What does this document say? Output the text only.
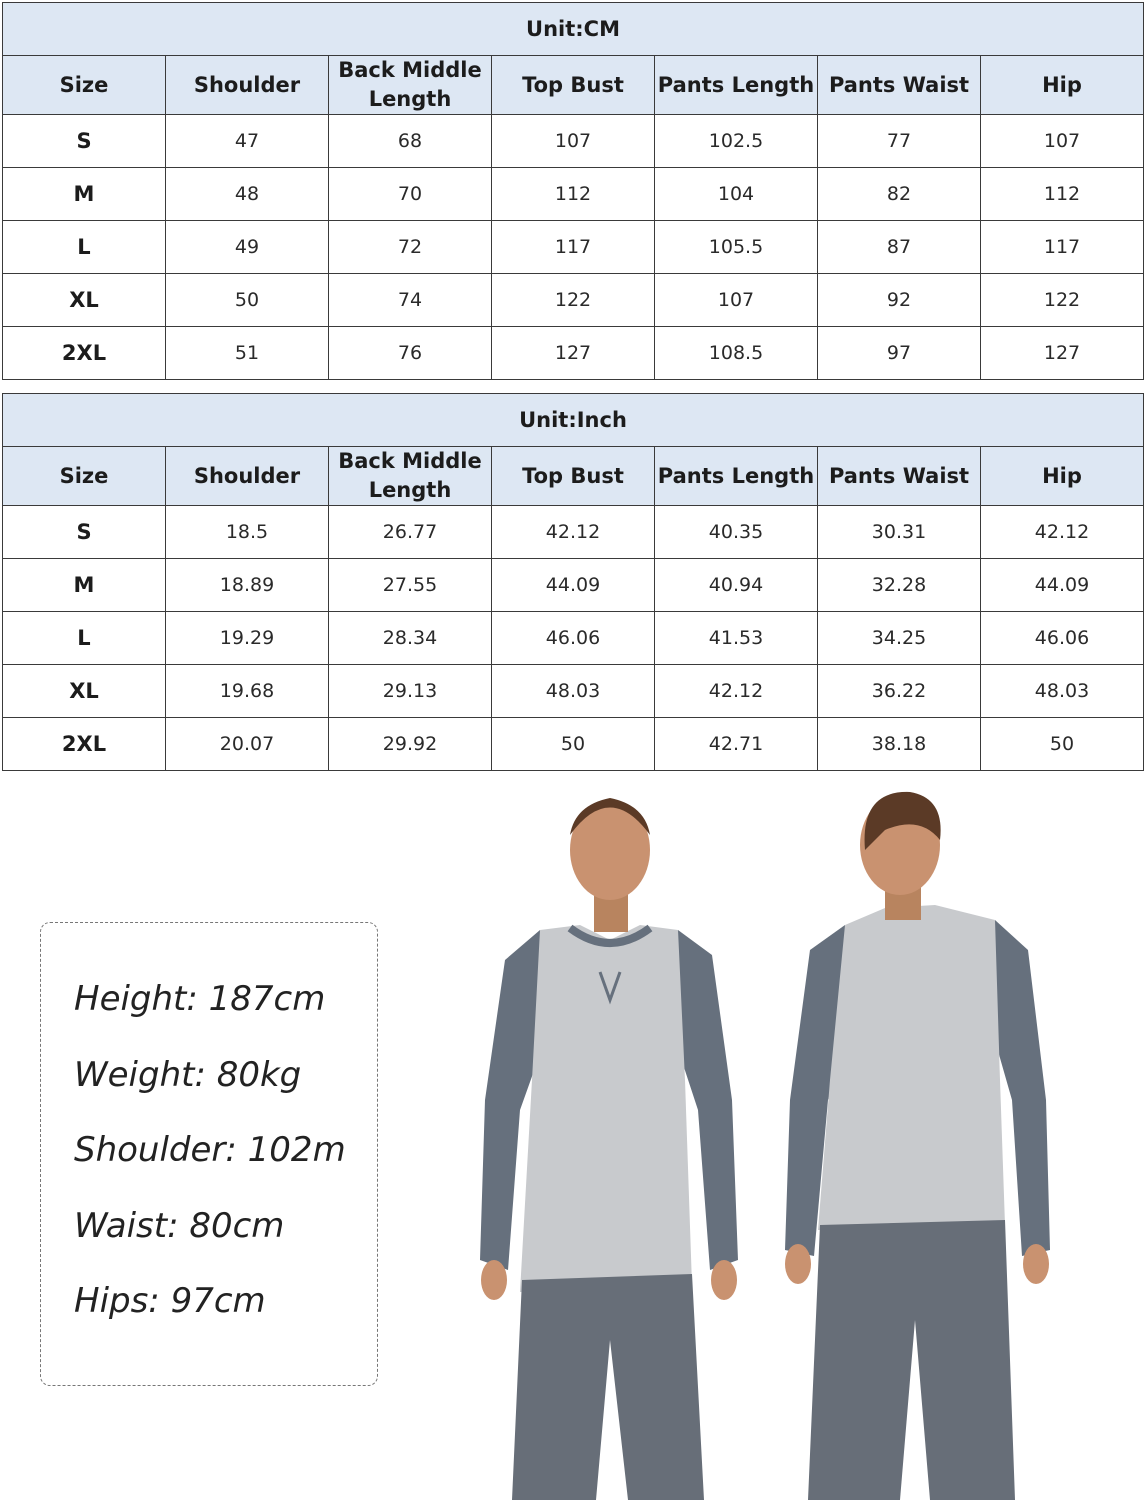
Unit:CM						
Size	Shoulder	Back Middle Length	Top Bust	Pants Length	Pants Waist	Hip
S	47	68	107	102.5	77	107
M	48	70	112	104	82	112
L	49	72	117	105.5	87	117
XL	50	74	122	107	92	122
2XL	51	76	127	108.5	97	127
Unit:Inch						
Size	Shoulder	Back Middle Length	Top Bust	Pants Length	Pants Waist	Hip
S	18.5	26.77	42.12	40.35	30.31	42.12
M	18.89	27.55	44.09	40.94	32.28	44.09
L	19.29	28.34	46.06	41.53	34.25	46.06
XL	19.68	29.13	48.03	42.12	36.22	48.03
2XL	20.07	29.92	50	42.71	38.18	50
Height: 187cm
Weight: 80kg
Shoulder: 102m
Waist: 80cm
Hips: 97cm
